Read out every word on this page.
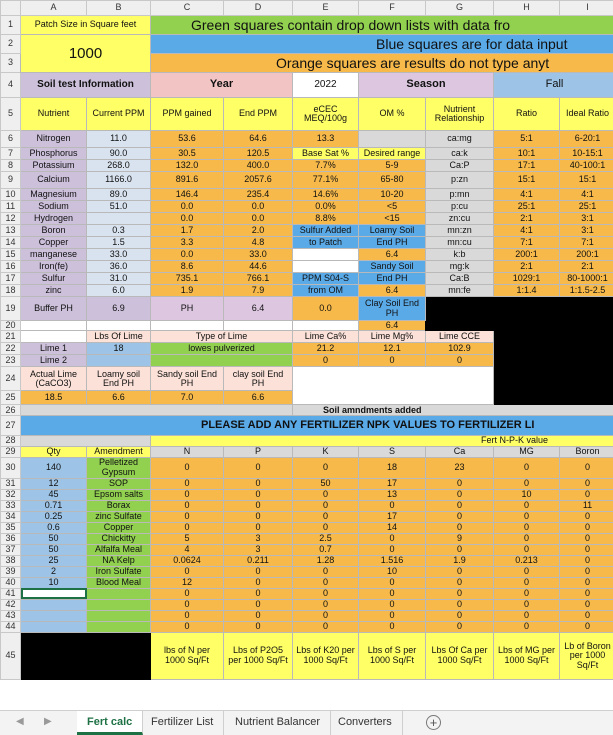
	A	B	C	D	E	F	G	H	I	
1	Patch Size in Square feet		Green squares contain drop down lists with data fro							
2	1000		Blue squares are for data input							
3			Orange squares are results do not type anyt							
4	Soil test Information		Year		2022	Season		Fall		
5	Nutrient	Current PPM	PPM gained	End PPM	eCEC MEQ/100g	OM %	Nutrient Relationship	Ratio	Ideal Ratio	
6	Nitrogen	11.0	53.6	64.6	13.3		ca:mg	5:1	6-20:1	
7	Phosphorus	90.0	30.5	120.5	Base Sat %	Desired range	ca:k	10:1	10-15:1	
8	Potassium	268.0	132.0	400.0	7.7%	5-9	Ca:P	17:1	40-100:1	
9	Calcium	1166.0	891.6	2057.6	77.1%	65-80	p:zn	15:1	15:1	
10	Magnesium	89.0	146.4	235.4	14.6%	10-20	p:mn	4:1	4:1	
11	Sodium	51.0	0.0	0.0	0.0%	<5	p:cu	25:1	25:1	
12	Hydrogen		0.0	0.0	8.8%	<15	zn:cu	2:1	3:1	
13	Boron	0.3	1.7	2.0	Sulfur Added	Loamy Soil	mn:zn	4:1	3:1	
14	Copper	1.5	3.3	4.8	to Patch	End PH	mn:cu	7:1	7:1	
15	manganese	33.0	0.0	33.0		6.4	k:b	200:1	200:1	
16	Iron(fe)	36.0	8.6	44.6		Sandy Soil	mg:k	2:1	2:1	
17	Sulfur	31.0	735.1	766.1	PPM S04-S	End PH	Ca:B	1029:1	80-1000:1	
18	zinc	6.0	1.9	7.9	from OM	6.4	mn:fe	1:1.4	1:1.5-2.5	
19	Buffer PH	6.9	PH	6.4	0.0	Clay Soil End PH				
20						6.4				
21		Lbs Of Lime	Type of Lime		Lime Ca%	Lime Mg%	Lime CCE			
22	Lime 1	18	lowes pulverized		21.2	12.1	102.9			
23	Lime 2				0	0	0			
24	Actual Lime (CaCO3)	Loamy soil End PH	Sandy soil End PH	clay soil End PH						
25	18.5	6.6	7.0	6.6						
26					Soil amndments added					
27	PLEASE ADD ANY FERTILIZER NPK VALUES TO FERTILIZER LI									
28			Fert N-P-K value							
29	Qty	Amendment	N	P	K	S	Ca	MG	Boron	
30	140	Pelletized Gypsum	0	0	0	18	23	0	0	
31	12	SOP	0	0	50	17	0	0	0	
32	45	Epsom salts	0	0	0	13	0	10	0	
33	0.71	Borax	0	0	0	0	0	0	11	
34	0.25	zinc Sulfate	0	0	0	17	0	0	0	
35	0.6	Copper	0	0	0	14	0	0	0	
36	50	Chickitty	5	3	2.5	0	9	0	0	
37	50	Alfalfa Meal	4	3	0.7	0	0	0	0	
38	25	NA Kelp	0.0624	0.211	1.28	1.516	1.9	0.213	0	
39	2	Iron Sulfate	0	0	0	10	0	0	0	
40	10	Blood Meal	12	0	0	0	0	0	0	
41			0	0	0	0	0	0	0	
42			0	0	0	0	0	0	0	
43			0	0	0	0	0	0	0	
44			0	0	0	0	0	0	0	
45			lbs of N per 1000 Sq/Ft	Lbs of P2O5 per 1000 Sq/Ft	Lbs of K20 per 1000 Sq/Ft	Lbs of S per 1000 Sq/Ft	Lbs Of Ca per 1000 Sq/Ft	Lbs of MG per 1000 Sq/Ft	Lb of Boron per 1000 Sq/Ft	
◀ ▶	Fert calc	Fertilizer List	Nutrient Balancer	Converters	+
